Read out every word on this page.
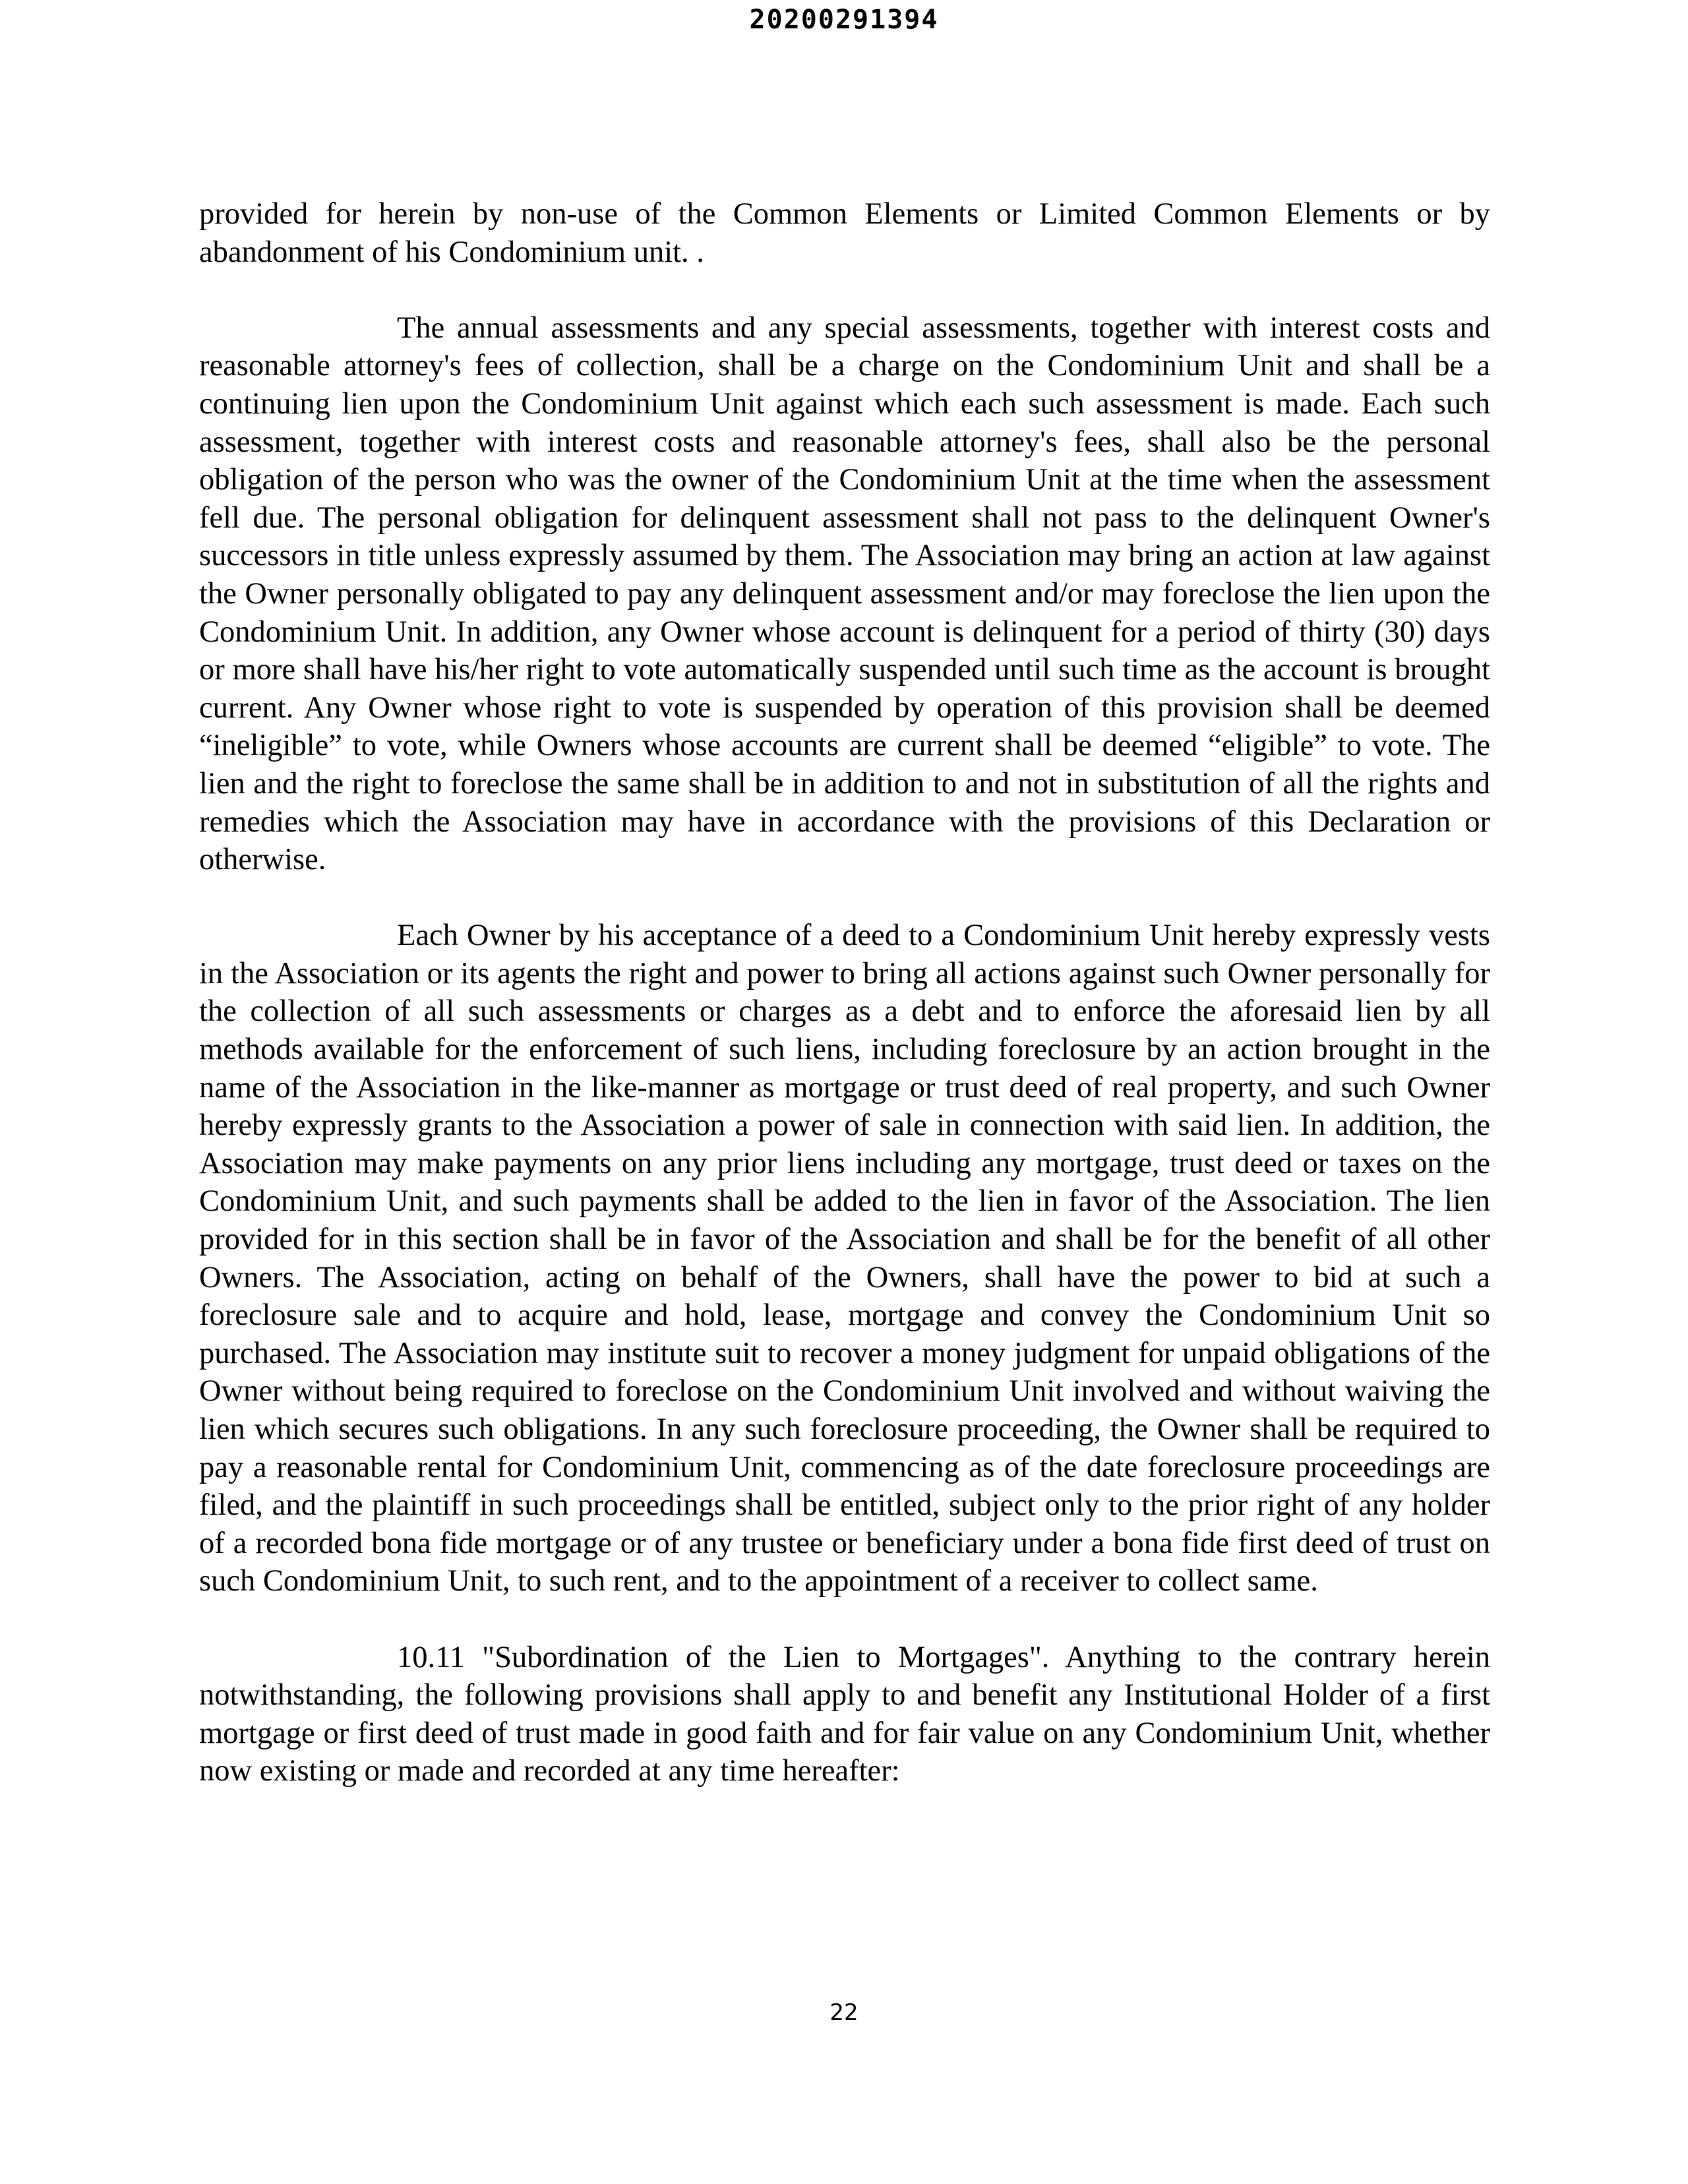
20200291394

provided for herein by non-use of the Common Elements or Limited Common Elements or by abandonment of his Condominium unit. .

The annual assessments and any special assessments, together with interest costs and reasonable attorney's fees of collection, shall be a charge on the Condominium Unit and shall be a continuing lien upon the Condominium Unit against which each such assessment is made. Each such assessment, together with interest costs and reasonable attorney's fees, shall also be the personal obligation of the person who was the owner of the Condominium Unit at the time when the assessment fell due. The personal obligation for delinquent assessment shall not pass to the delinquent Owner's successors in title unless expressly assumed by them. The Association may bring an action at law against the Owner personally obligated to pay any delinquent assessment and/or may foreclose the lien upon the Condominium Unit. In addition, any Owner whose account is delinquent for a period of thirty (30) days or more shall have his/her right to vote automatically suspended until such time as the account is brought current. Any Owner whose right to vote is suspended by operation of this provision shall be deemed “ineligible” to vote, while Owners whose accounts are current shall be deemed “eligible” to vote. The lien and the right to foreclose the same shall be in addition to and not in substitution of all the rights and remedies which the Association may have in accordance with the provisions of this Declaration or otherwise.

Each Owner by his acceptance of a deed to a Condominium Unit hereby expressly vests in the Association or its agents the right and power to bring all actions against such Owner personally for the collection of all such assessments or charges as a debt and to enforce the aforesaid lien by all methods available for the enforcement of such liens, including foreclosure by an action brought in the name of the Association in the like-manner as mortgage or trust deed of real property, and such Owner hereby expressly grants to the Association a power of sale in connection with said lien. In addition, the Association may make payments on any prior liens including any mortgage, trust deed or taxes on the Condominium Unit, and such payments shall be added to the lien in favor of the Association. The lien provided for in this section shall be in favor of the Association and shall be for the benefit of all other Owners. The Association, acting on behalf of the Owners, shall have the power to bid at such a foreclosure sale and to acquire and hold, lease, mortgage and convey the Condominium Unit so purchased. The Association may institute suit to recover a money judgment for unpaid obligations of the Owner without being required to foreclose on the Condominium Unit involved and without waiving the lien which secures such obligations. In any such foreclosure proceeding, the Owner shall be required to pay a reasonable rental for Condominium Unit, commencing as of the date foreclosure proceedings are filed, and the plaintiff in such proceedings shall be entitled, subject only to the prior right of any holder of a recorded bona fide mortgage or of any trustee or beneficiary under a bona fide first deed of trust on such Condominium Unit, to such rent, and to the appointment of a receiver to collect same.

10.11 "Subordination of the Lien to Mortgages". Anything to the contrary herein notwithstanding, the following provisions shall apply to and benefit any Institutional Holder of a first mortgage or first deed of trust made in good faith and for fair value on any Condominium Unit, whether now existing or made and recorded at any time hereafter:

22
